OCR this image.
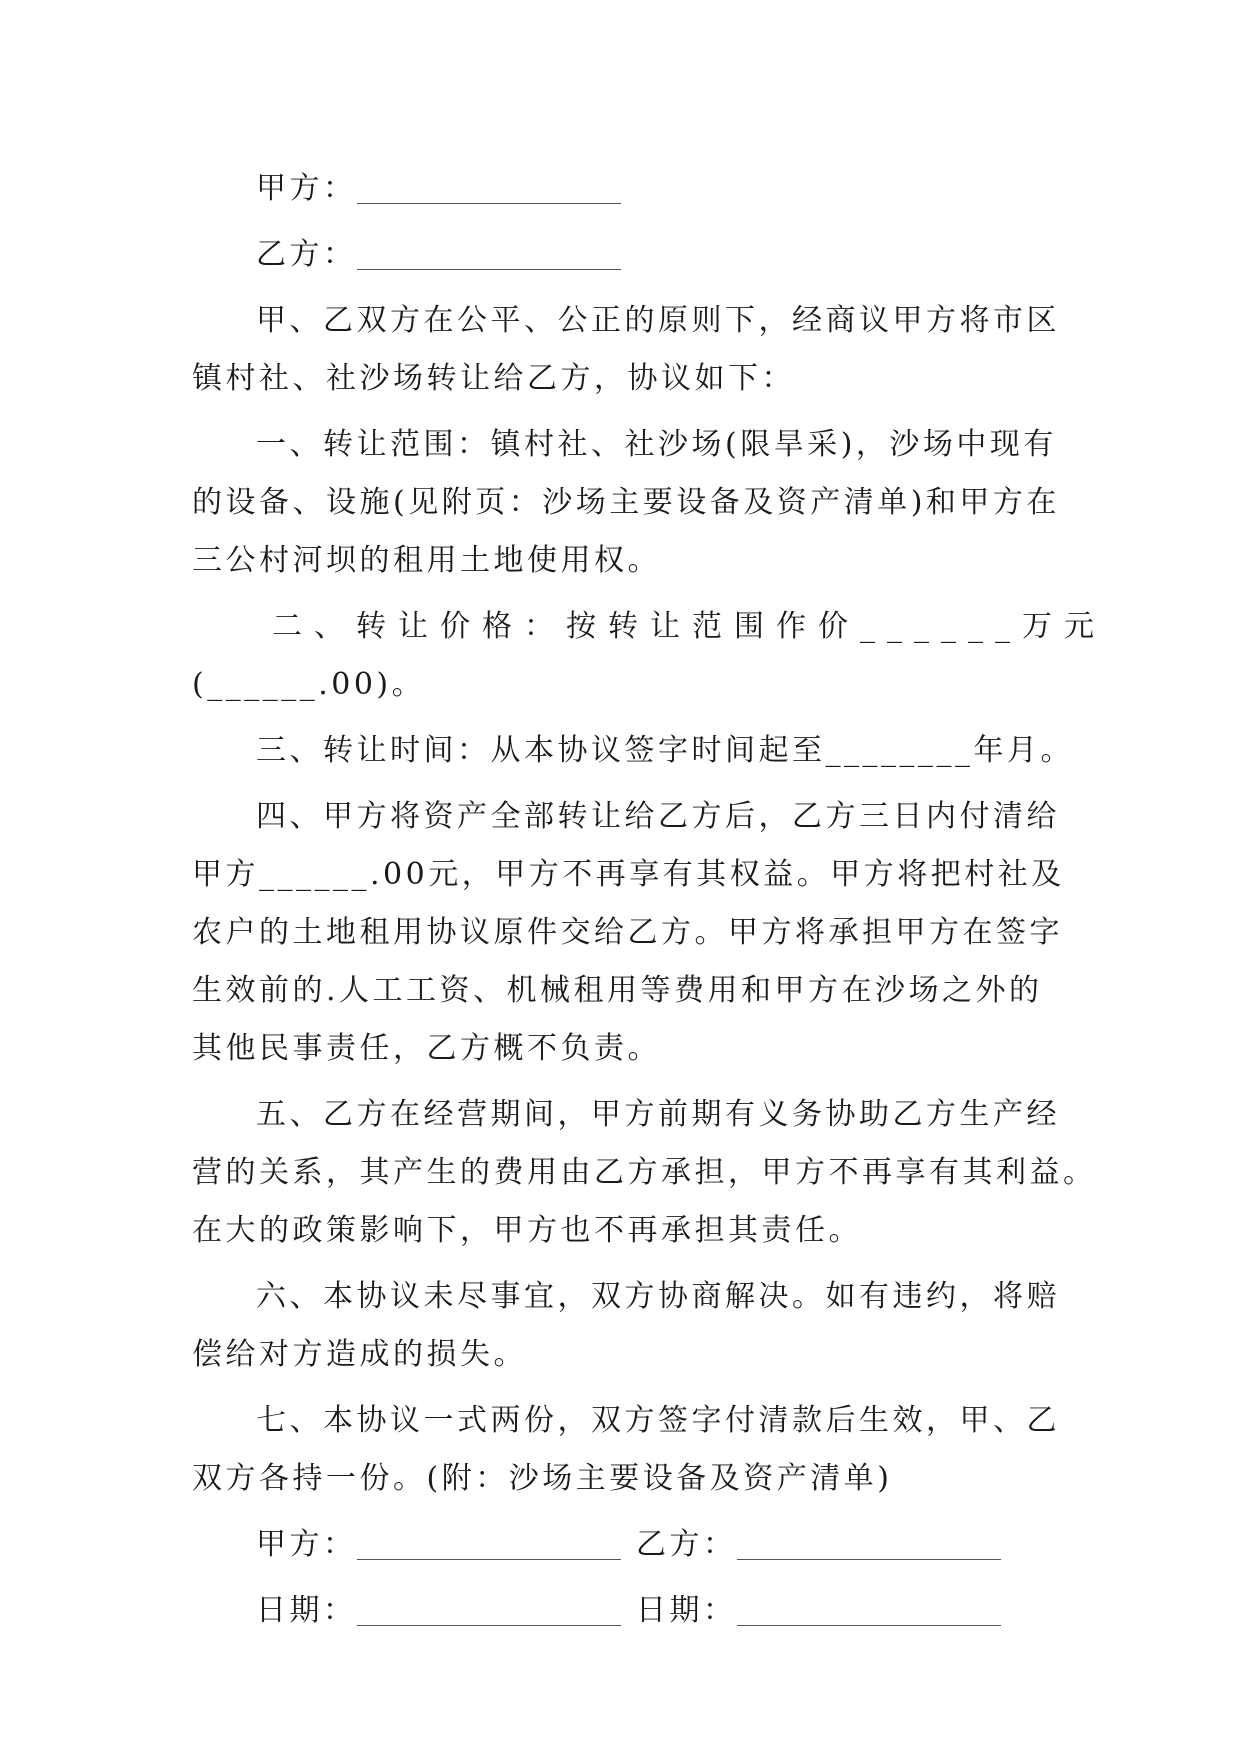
甲方：
乙方：
甲、乙双方在公平、公正的原则下，经商议甲方将市区
镇村社、社沙场转让给乙方，协议如下：
一、转让范围：镇村社、社沙场(限旱采)，沙场中现有
的设备、设施(见附页：沙场主要设备及资产清单)和甲方在
三公村河坝的租用土地使用权。
二、转让价格：按转让范围作价______万元
(______.00)。
三、转让时间：从本协议签字时间起至________年月。
四、甲方将资产全部转让给乙方后，乙方三日内付清给
甲方______.00元，甲方不再享有其权益。甲方将把村社及
农户的土地租用协议原件交给乙方。甲方将承担甲方在签字
生效前的.人工工资、机械租用等费用和甲方在沙场之外的
其他民事责任，乙方概不负责。
五、乙方在经营期间，甲方前期有义务协助乙方生产经
营的关系，其产生的费用由乙方承担，甲方不再享有其利益。
在大的政策影响下，甲方也不再承担其责任。
六、本协议未尽事宜，双方协商解决。如有违约，将赔
偿给对方造成的损失。
七、本协议一式两份，双方签字付清款后生效，甲、乙
双方各持一份。(附：沙场主要设备及资产清单)
甲方：	乙方：
日期：	日期：
